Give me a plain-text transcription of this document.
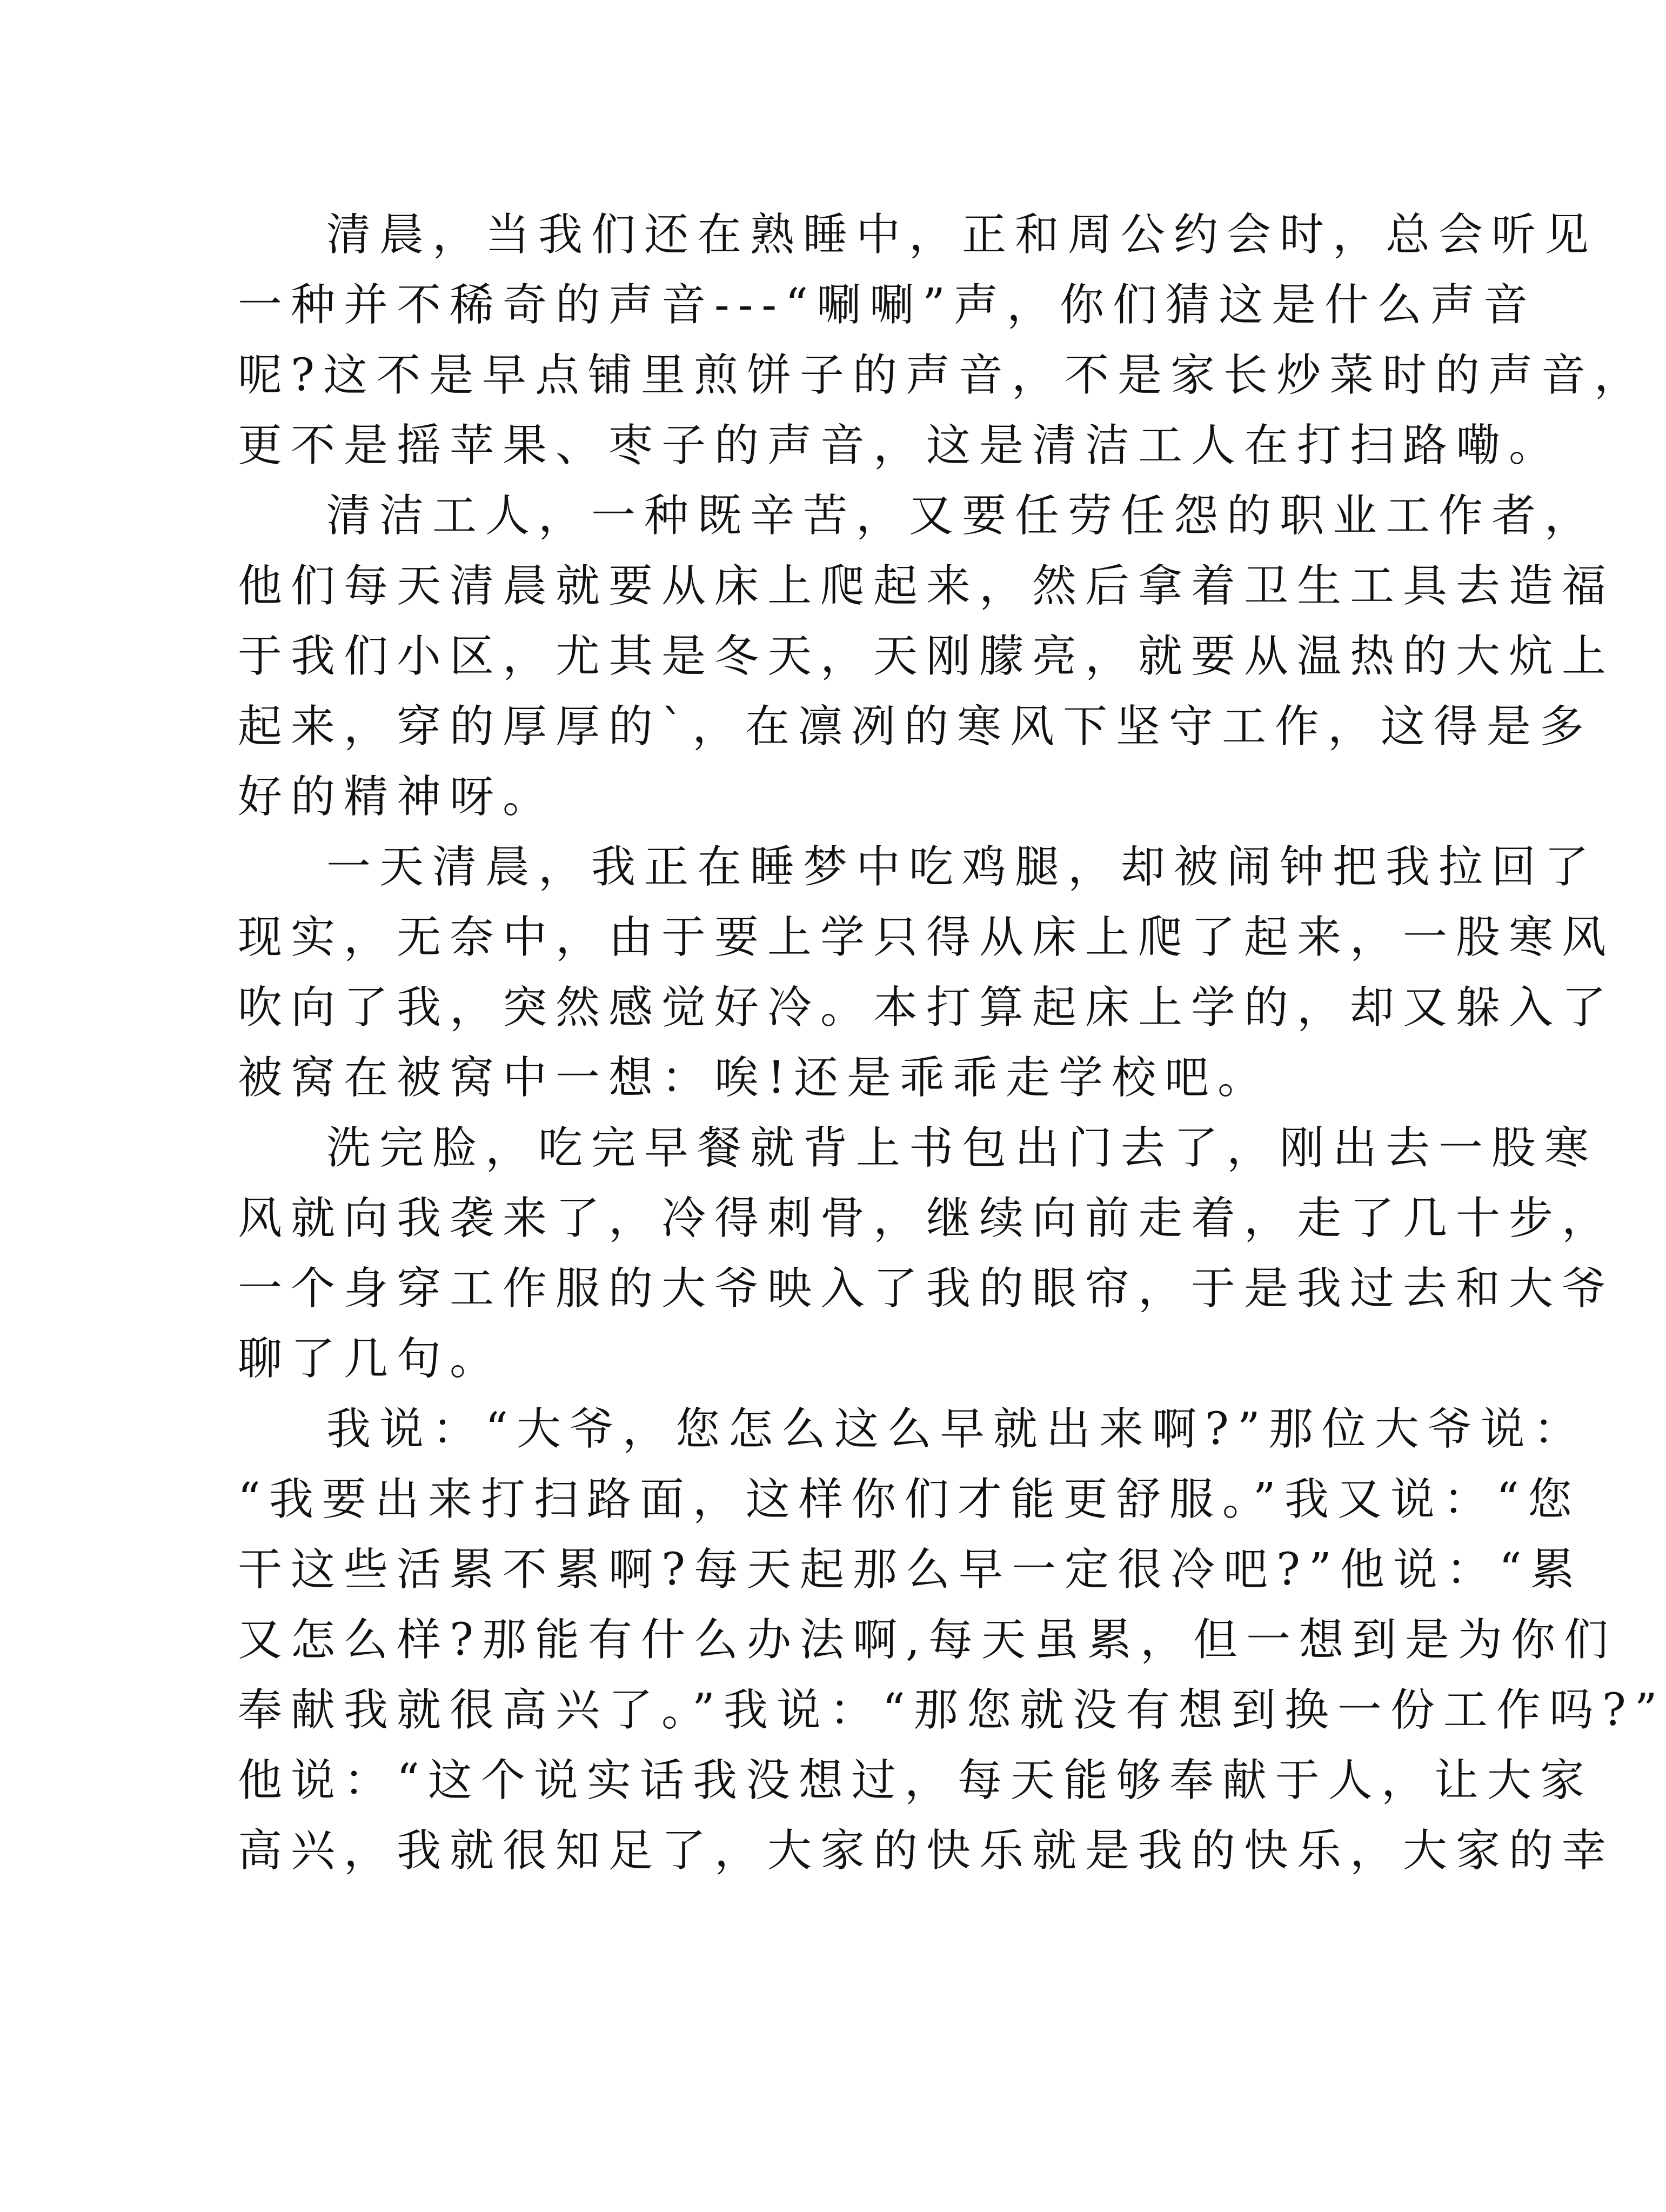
清晨，当我们还在熟睡中，正和周公约会时，总会听见
一种并不稀奇的声音---“唰唰”声，你们猜这是什么声音
呢?这不是早点铺里煎饼子的声音，不是家长炒菜时的声音，
更不是摇苹果、枣子的声音，这是清洁工人在打扫路嘞。
清洁工人，一种既辛苦，又要任劳任怨的职业工作者，
他们每天清晨就要从床上爬起来，然后拿着卫生工具去造福
于我们小区，尤其是冬天，天刚朦亮，就要从温热的大炕上
起来，穿的厚厚的`，在凛冽的寒风下坚守工作，这得是多
好的精神呀。
一天清晨，我正在睡梦中吃鸡腿，却被闹钟把我拉回了
现实，无奈中，由于要上学只得从床上爬了起来，一股寒风
吹向了我，突然感觉好冷。本打算起床上学的，却又躲入了
被窝在被窝中一想：唉!还是乖乖走学校吧。
洗完脸，吃完早餐就背上书包出门去了，刚出去一股寒
风就向我袭来了，冷得刺骨，继续向前走着，走了几十步，
一个身穿工作服的大爷映入了我的眼帘，于是我过去和大爷
聊了几句。
我说：“大爷，您怎么这么早就出来啊?”那位大爷说：
“我要出来打扫路面，这样你们才能更舒服。”我又说：“您
干这些活累不累啊?每天起那么早一定很冷吧?”他说：“累
又怎么样?那能有什么办法啊,每天虽累，但一想到是为你们
奉献我就很高兴了。”我说：“那您就没有想到换一份工作吗?”
他说：“这个说实话我没想过，每天能够奉献于人，让大家
高兴，我就很知足了，大家的快乐就是我的快乐，大家的幸
